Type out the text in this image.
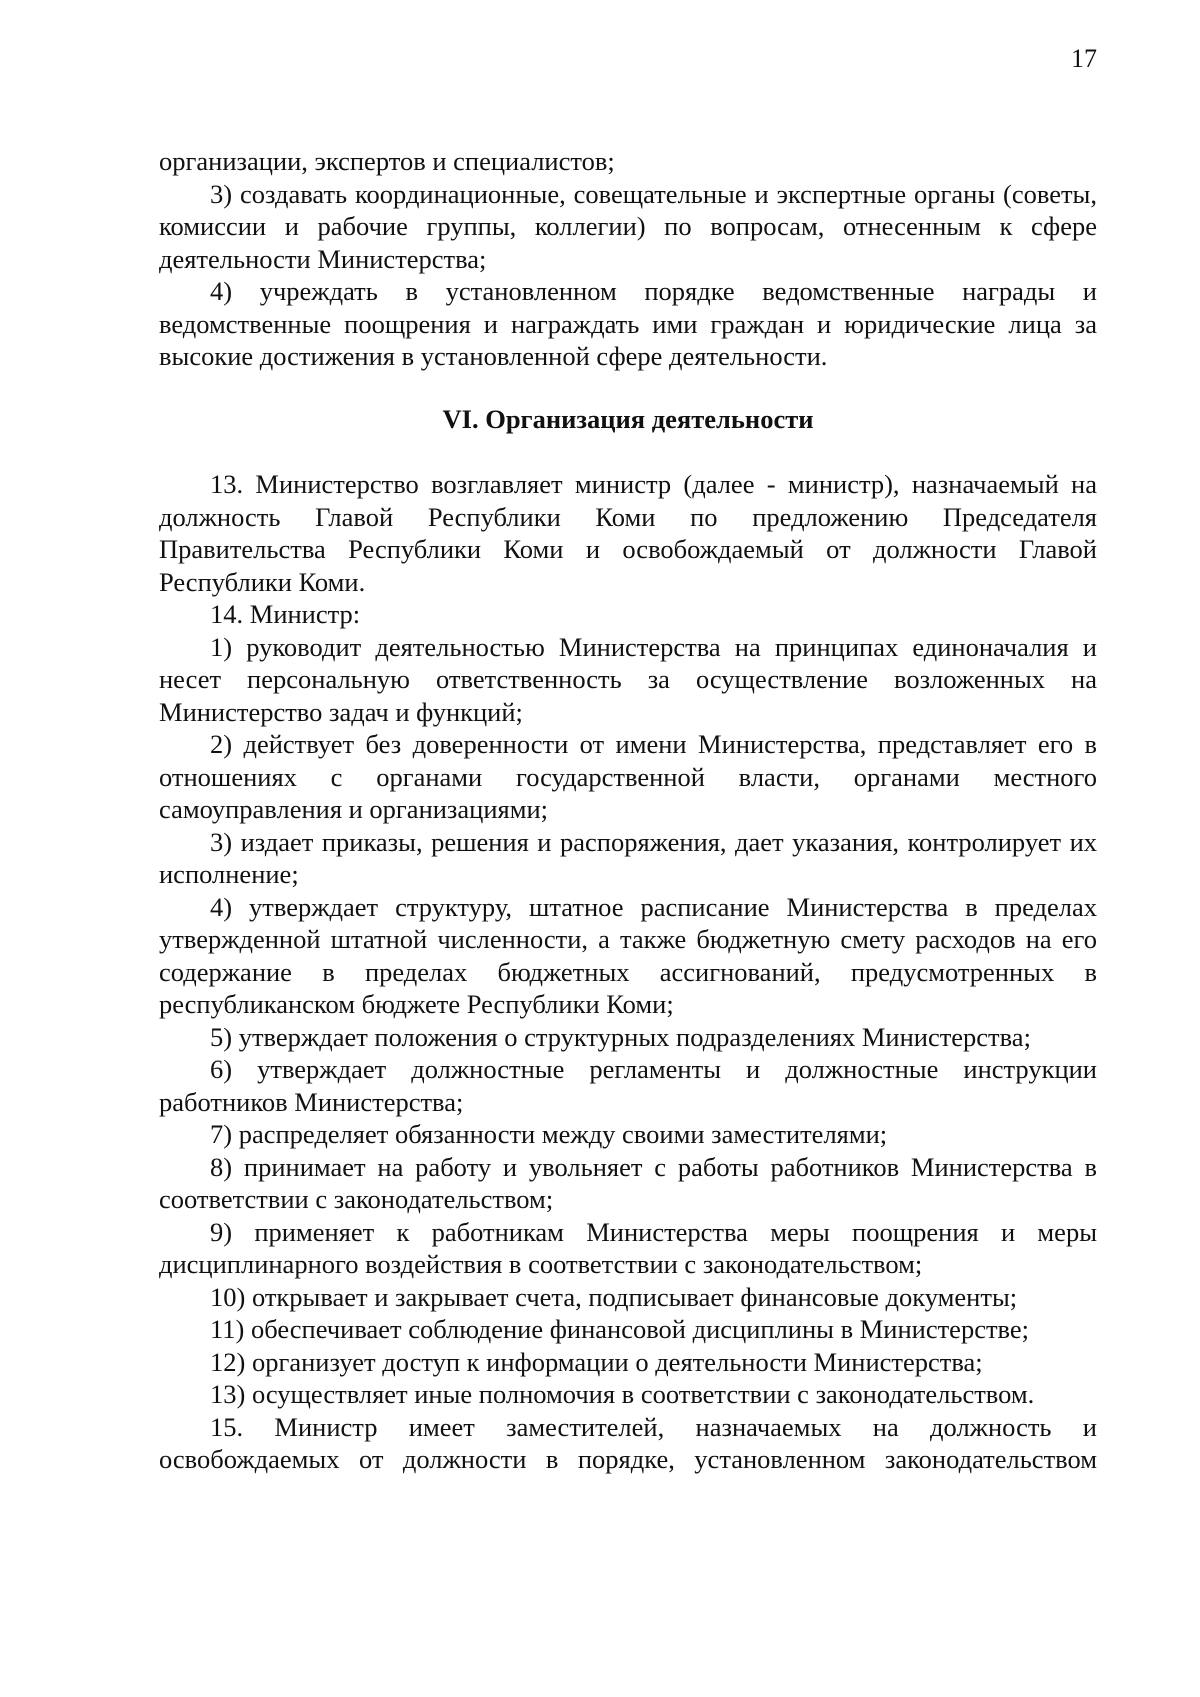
17

организации, экспертов и специалистов;

3) создавать координационные, совещательные и экспертные органы (советы, комиссии и рабочие группы, коллегии) по вопросам, отнесенным к сфере деятельности Министерства;

4) учреждать в установленном порядке ведомственные награды и ведомственные поощрения и награждать ими граждан и юридические лица за высокие достижения в установленной сфере деятельности.

VI. Организация деятельности

13. Министерство возглавляет министр (далее - министр), назначаемый на должность Главой Республики Коми по предложению Председателя Правительства Республики Коми и освобождаемый от должности Главой Республики Коми.

14. Министр:

1) руководит деятельностью Министерства на принципах единоначалия и несет персональную ответственность за осуществление возложенных на Министерство задач и функций;

2) действует без доверенности от имени Министерства, представляет его в отношениях с органами государственной власти, органами местного самоуправления и организациями;

3) издает приказы, решения и распоряжения, дает указания, контролирует их исполнение;

4) утверждает структуру, штатное расписание Министерства в пределах утвержденной штатной численности, а также бюджетную смету расходов на его содержание в пределах бюджетных ассигнований, предусмотренных в республиканском бюджете Республики Коми;

5) утверждает положения о структурных подразделениях Министерства;

6) утверждает должностные регламенты и должностные инструкции работников Министерства;

7) распределяет обязанности между своими заместителями;

8) принимает на работу и увольняет с работы работников Министерства в соответствии с законодательством;

9) применяет к работникам Министерства меры поощрения и меры дисциплинарного воздействия в соответствии с законодательством;

10) открывает и закрывает счета, подписывает финансовые документы;

11) обеспечивает соблюдение финансовой дисциплины в Министерстве;

12) организует доступ к информации о деятельности Министерства;

13) осуществляет иные полномочия в соответствии с законодательством.

15. Министр имеет заместителей, назначаемых на должность и освобождаемых от должности в порядке, установленном законодательством
